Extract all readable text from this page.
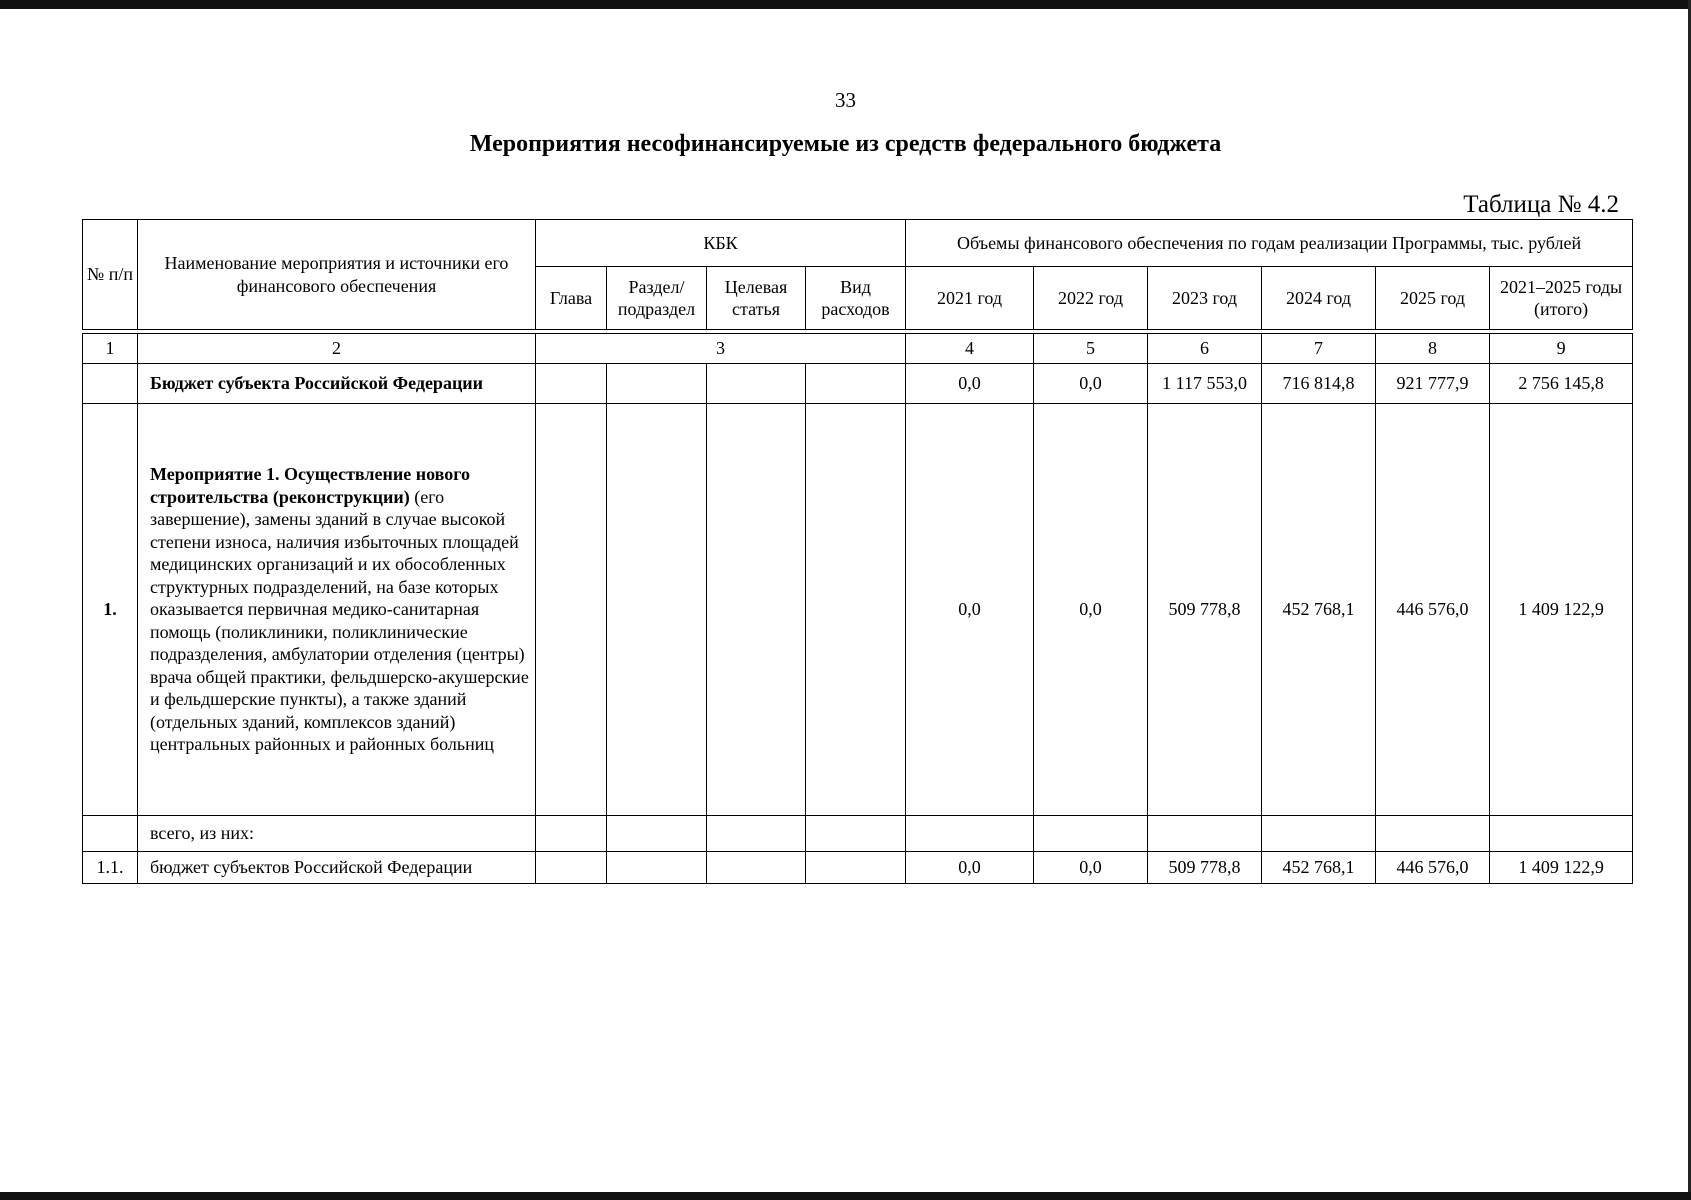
33
Мероприятия несофинансируемые из средств федерального бюджета
Таблица № 4.2
№ п/п	Наименование мероприятия и источники его финансового обеспечения	КБК				Объемы финансового обеспечения по годам реализации Программы, тыс. рублей					
		Глава	Раздел/ подраздел	Целевая статья	Вид расходов	2021 год	2022 год	2023 год	2024 год	2025 год	2021–2025 годы (итого)

1	2	3				4	5	6	7	8	9
	Бюджет субъекта Российской Федерации					0,0	0,0	1 117 553,0	716 814,8	921 777,9	2 756 145,8
1.	Мероприятие 1. Осуществление нового строительства (реконструкции) (его завершение), замены зданий в случае высокой степени износа, наличия избыточных площадей медицинских организаций и их обособленных структурных подразделений, на базе которых оказывается первичная медико-санитарная помощь (поликлиники, поликлинические подразделения, амбулатории отделения (центры) врача общей практики, фельдшерско-акушерские и фельдшерские пункты), а также зданий (отдельных зданий, комплексов зданий) центральных районных и районных больниц					0,0	0,0	509 778,8	452 768,1	446 576,0	1 409 122,9
	всего, из них:										
1.1.	бюджет субъектов Российской Федерации					0,0	0,0	509 778,8	452 768,1	446 576,0	1 409 122,9
